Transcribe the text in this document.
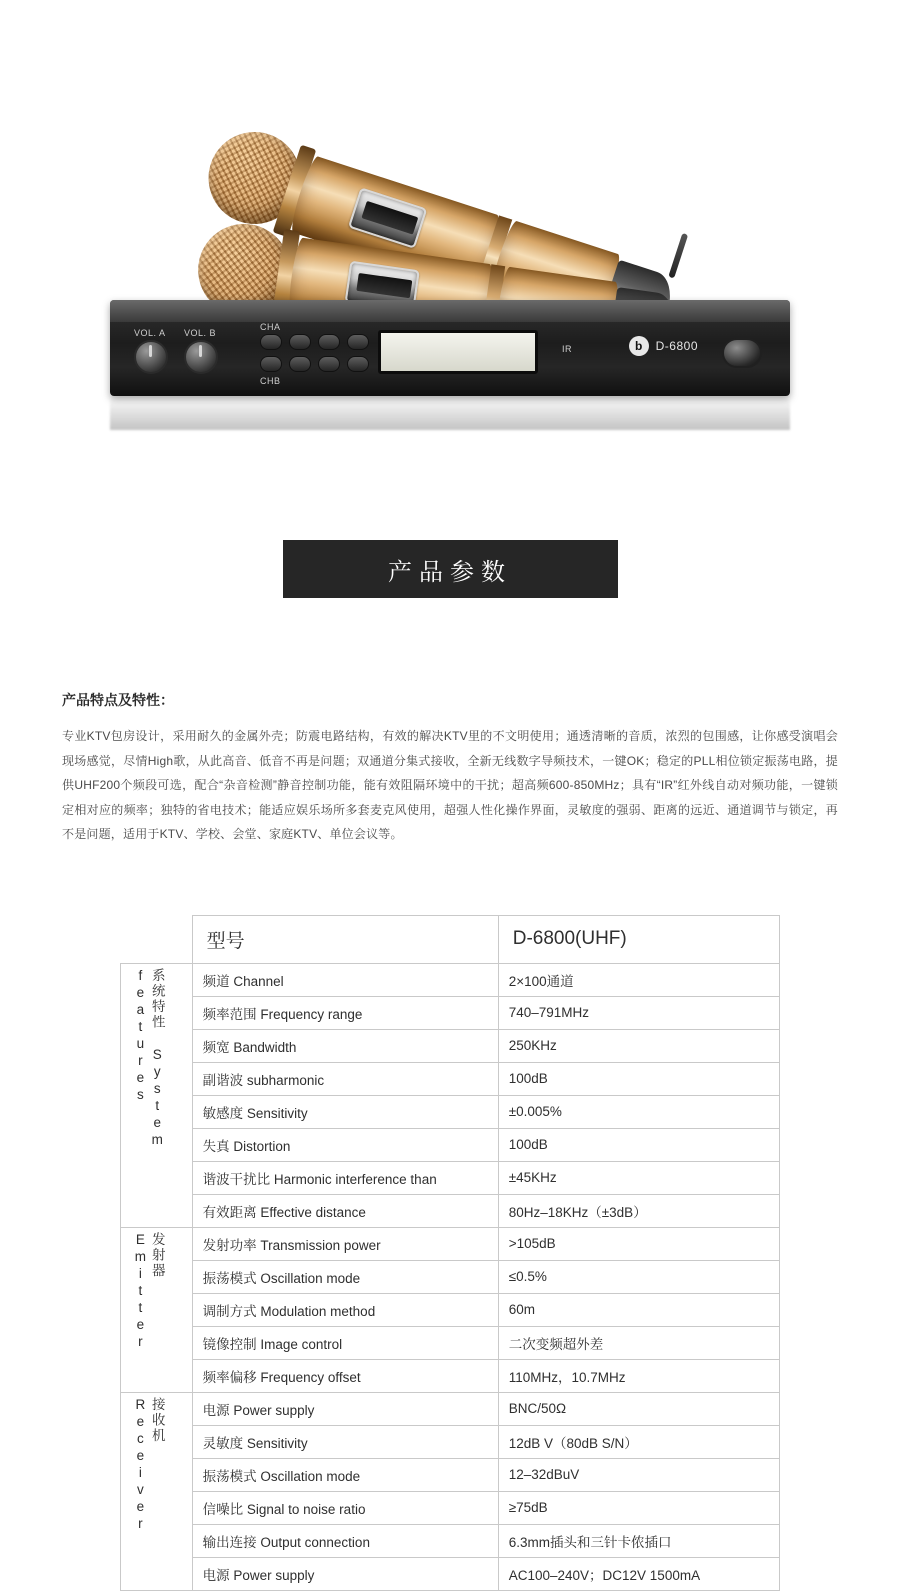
VOL. A VOL. B
CHA
CHB
IR	b	D-6800
产品参数
产品特点及特性：

专业KTV包房设计，采用耐久的金属外壳；防震电路结构，有效的解决KTV里的不文明使用；通透清晰的音质，浓烈的包围感，让你感受演唱会现场感觉，尽情High歌，从此高音、低音不再是问题；双通道分集式接收，全新无线数字导频技术，一键OK；稳定的PLL相位锁定振荡电路，提供UHF200个频段可选，配合“杂音检测”静音控制功能，能有效阻隔环境中的干扰；超高频600-850MHz；具有“IR”红外线自动对频功能，一键锁定相对应的频率；独特的省电技术；能适应娱乐场所多套麦克风使用，超强人性化操作界面，灵敏度的强弱、距离的远近、通道调节与锁定，再不是问题，适用于KTV、学校、会堂、家庭KTV、单位会议等。

	型号	D-6800(UHF)
系统特性 System features	频道 Channel	2×100通道
	频率范围 Frequency range	740–791MHz
	频宽 Bandwidth	250KHz
	副谐波 subharmonic	100dB
	敏感度 Sensitivity	±0.005%
	失真 Distortion	100dB
	谐波干扰比 Harmonic interference than	±45KHz
	有效距离 Effective distance	80Hz–18KHz（±3dB）
发射器 Emitter	发射功率 Transmission power	>105dB
	振荡模式 Oscillation mode	≤0.5%
	调制方式 Modulation method	60m
	镜像控制 Image control	二次变频超外差
	频率偏移 Frequency offset	110MHz，10.7MHz
接收机 Receiver	电源 Power supply	BNC/50Ω
	灵敏度 Sensitivity	12dB V（80dB S/N）
	振荡模式 Oscillation mode	12–32dBuV
	信噪比 Signal to noise ratio	≥75dB
	输出连接 Output connection	6.3mm插头和三针卡侬插口
	电源 Power supply	AC100–240V；DC12V 1500mA
